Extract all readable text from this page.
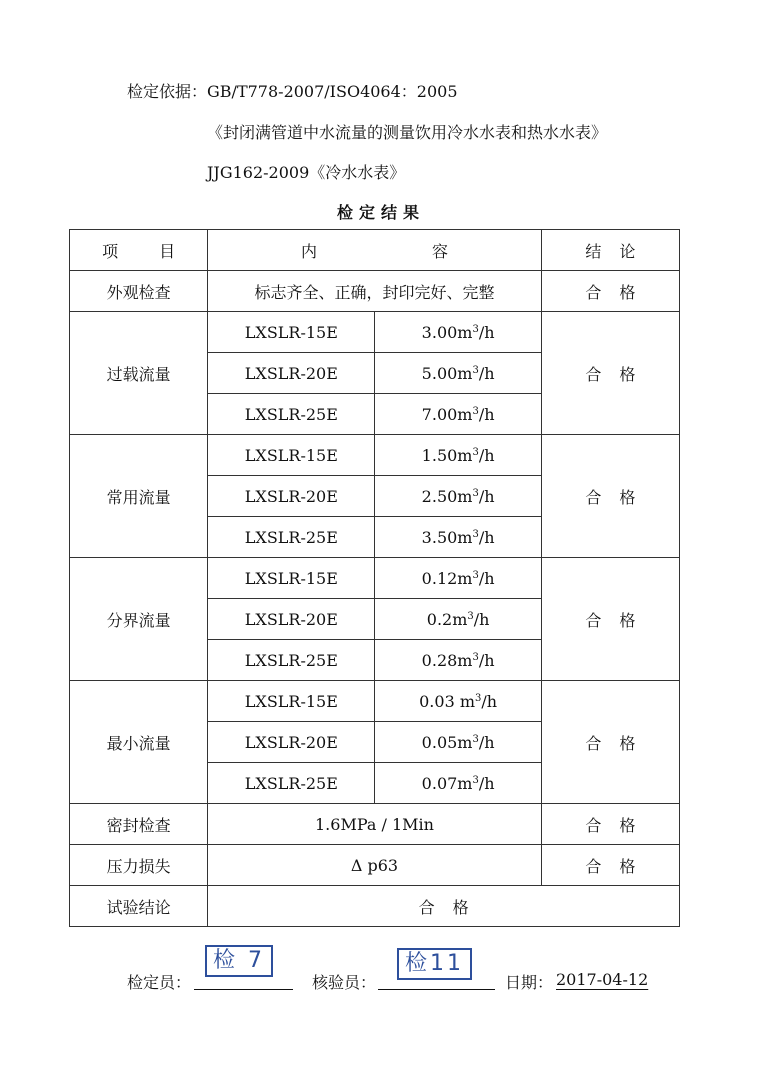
检定依据：GB/T778-2007/ISO4064：2005
《封闭满管道中水流量的测量饮用冷水水表和热水水表》
JJG162-2009《冷水水表》
检定结果
项 目	内 容		结论
外观检查	标志齐全、正确，封印完好、完整		合格
过载流量	LXSLR-15E	$3.00m^3/h$	合格
	LXSLR-20E	$5.00m^3/h$	
	LXSLR-25E	$7.00m^3/h$	
常用流量	LXSLR-15E	$1.50m^3/h$	合格
	LXSLR-20E	$2.50m^3/h$	
	LXSLR-25E	$3.50m^3/h$	
分界流量	LXSLR-15E	$0.12m^3/h$	合格
	LXSLR-20E	$0.2m^3/h$	
	LXSLR-25E	$0.28m^3/h$	
最小流量	LXSLR-15E	0.03 $m^3/h$	合格
	LXSLR-20E	$0.05m^3/h$	
	LXSLR-25E	$0.07m^3/h$	
密封检查	1.6MPa / 1Min		合格
压力损失	Δ p63		合格
试验结论	合格		
检定员：
检 7
核验员：
检11
日期： 2017-04-12
